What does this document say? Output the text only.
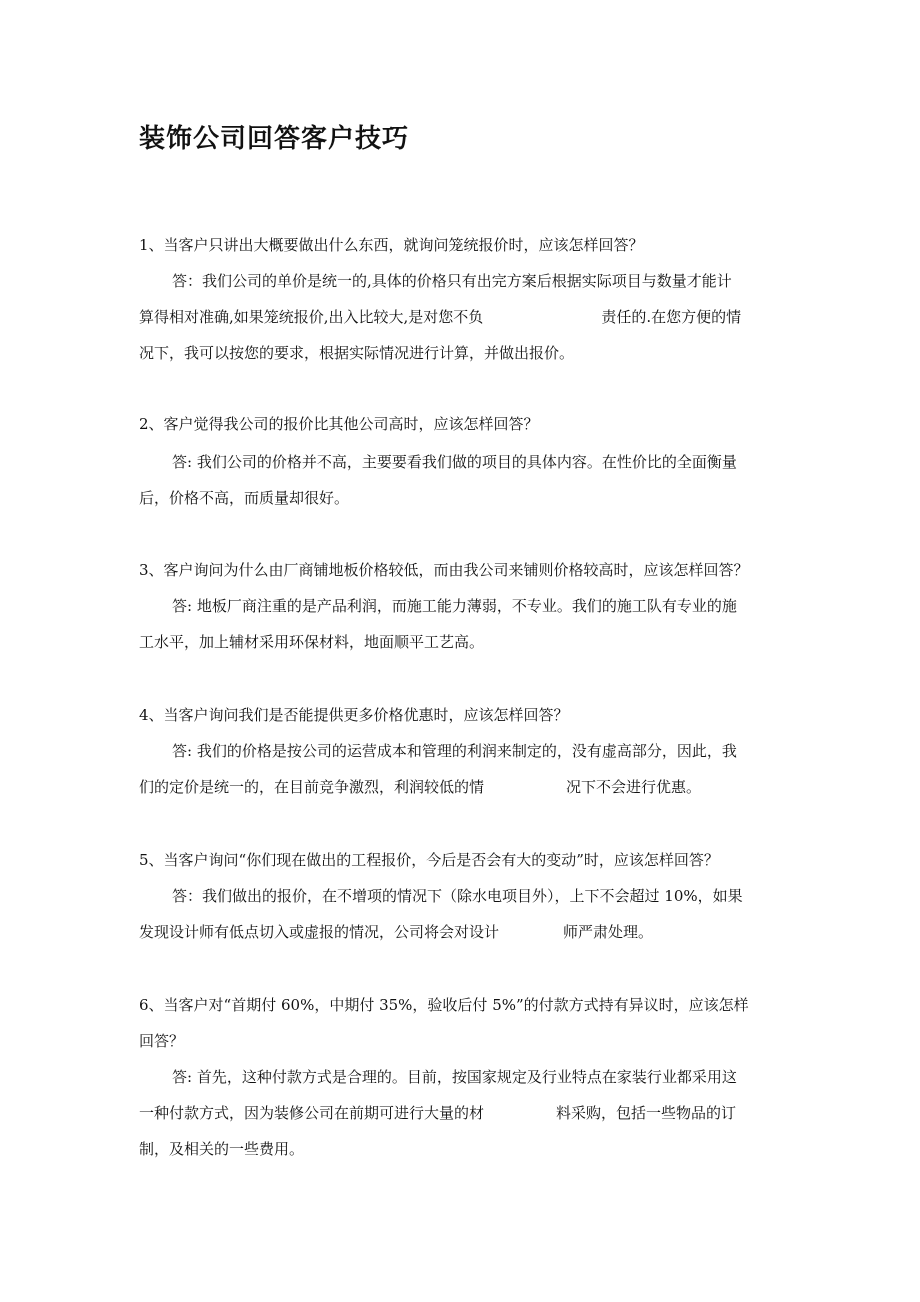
装饰公司回答客户技巧
1、当客户只讲出大概要做出什么东西，就询问笼统报价时，应该怎样回答？
答：我们公司的单价是统一的,具体的价格只有出完方案后根据实际项目与数量才能计
算得相对准确,如果笼统报价,出入比较大,是对您不负	责任的.在您方便的情
况下，我可以按您的要求，根据实际情况进行计算，并做出报价。
2、客户觉得我公司的报价比其他公司高时，应该怎样回答？
答: 我们公司的价格并不高，主要要看我们做的项目的具体内容。在性价比的全面衡量
后，价格不高，而质量却很好。
3、客户询问为什么由厂商铺地板价格较低，而由我公司来铺则价格较高时，应该怎样回答？
答: 地板厂商注重的是产品利润，而施工能力薄弱，不专业。我们的施工队有专业的施
工水平，加上辅材采用环保材料，地面顺平工艺高。
4、当客户询问我们是否能提供更多价格优惠时，应该怎样回答？
答: 我们的价格是按公司的运营成本和管理的利润来制定的，没有虚高部分，因此，我
们的定价是统一的，在目前竞争激烈，利润较低的情	况下不会进行优惠。
5、当客户询问“你们现在做出的工程报价，今后是否会有大的变动”时，应该怎样回答？
答：我们做出的报价，在不增项的情况下（除水电项目外），上下不会超过 10%，如果
发现设计师有低点切入或虚报的情况，公司将会对设计	师严肃处理。
6、当客户对“首期付 60%，中期付 35%，验收后付 5%”的付款方式持有异议时，应该怎样
回答？
答: 首先，这种付款方式是合理的。目前，按国家规定及行业特点在家装行业都采用这
一种付款方式，因为装修公司在前期可进行大量的材	料采购，包括一些物品的订
制，及相关的一些费用。
